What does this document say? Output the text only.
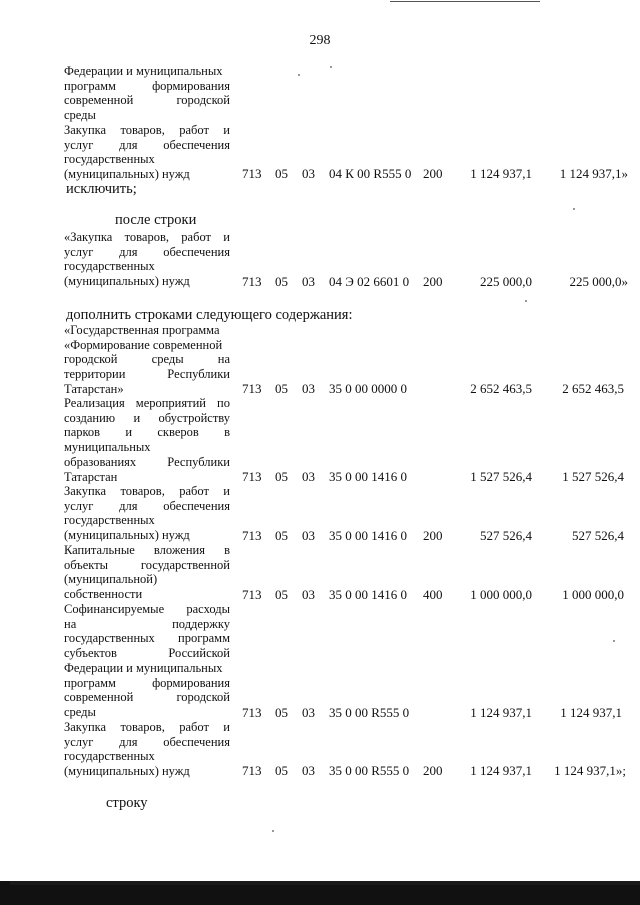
298
Федерации и муниципальных
программ формирования
современной городской
среды
Закупка товаров, работ и
услуг для обеспечения
государственных
(муниципальных) нужд	713 05 03 04 К 00 R555 0 200	1 124 937,1	1 124 937,1»
исключить;
после строки
«Закупка товаров, работ и
услуг для обеспечения
государственных
(муниципальных) нужд	713 05 03 04 Э 02 6601 0 200	225 000,0	225 000,0»
дополнить строками следующего содержания:
«Государственная программа
«Формирование современной
городской среды на
территории Республики
Татарстан»	713 05 03 35 0 00 0000 0	2 652 463,5	2 652 463,5
Реализация мероприятий по
созданию и обустройству
парков и скверов в
муниципальных
образованиях Республики
Татарстан	713 05 03 35 0 00 1416 0	1 527 526,4	1 527 526,4
Закупка товаров, работ и
услуг для обеспечения
государственных
(муниципальных) нужд	713 05 03 35 0 00 1416 0 200	527 526,4	527 526,4
Капитальные вложения в
объекты государственной
(муниципальной)
собственности	713 05 03 35 0 00 1416 0 400	1 000 000,0	1 000 000,0
Софинансируемые расходы
на поддержку
государственных программ
субъектов Российской
Федерации и муниципальных
программ формирования
современной городской
среды	713 05 03 35 0 00 R555 0	1 124 937,1	1 124 937,1
Закупка товаров, работ и
услуг для обеспечения
государственных
(муниципальных) нужд	713 05 03 35 0 00 R555 0 200	1 124 937,1	1 124 937,1»;
строку
